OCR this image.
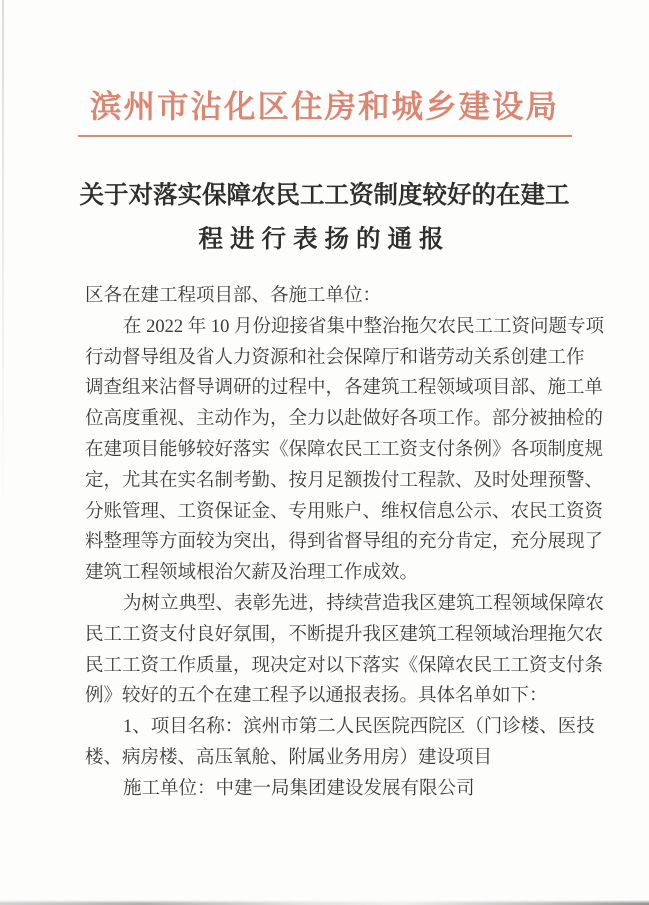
滨州市沾化区住房和城乡建设局
关于对落实保障农民工工资制度较好的在建工
程进行表扬的通报
区各在建工程项目部、各施工单位：
在 2022 年 10 月份迎接省集中整治拖欠农民工工资问题专项
行动督导组及省人力资源和社会保障厅和谐劳动关系创建工作
调查组来沾督导调研的过程中，各建筑工程领域项目部、施工单
位高度重视、主动作为，全力以赴做好各项工作。部分被抽检的
在建项目能够较好落实《保障农民工工资支付条例》各项制度规
定，尤其在实名制考勤、按月足额拨付工程款、及时处理预警、
分账管理、工资保证金、专用账户、维权信息公示、农民工资资
料整理等方面较为突出，得到省督导组的充分肯定，充分展现了
建筑工程领域根治欠薪及治理工作成效。
为树立典型、表彰先进，持续营造我区建筑工程领域保障农
民工工资支付良好氛围，不断提升我区建筑工程领域治理拖欠农
民工工资工作质量，现决定对以下落实《保障农民工工资支付条
例》较好的五个在建工程予以通报表扬。具体名单如下：
1、项目名称：滨州市第二人民医院西院区（门诊楼、医技
楼、病房楼、高压氧舱、附属业务用房）建设项目
施工单位：中建一局集团建设发展有限公司
